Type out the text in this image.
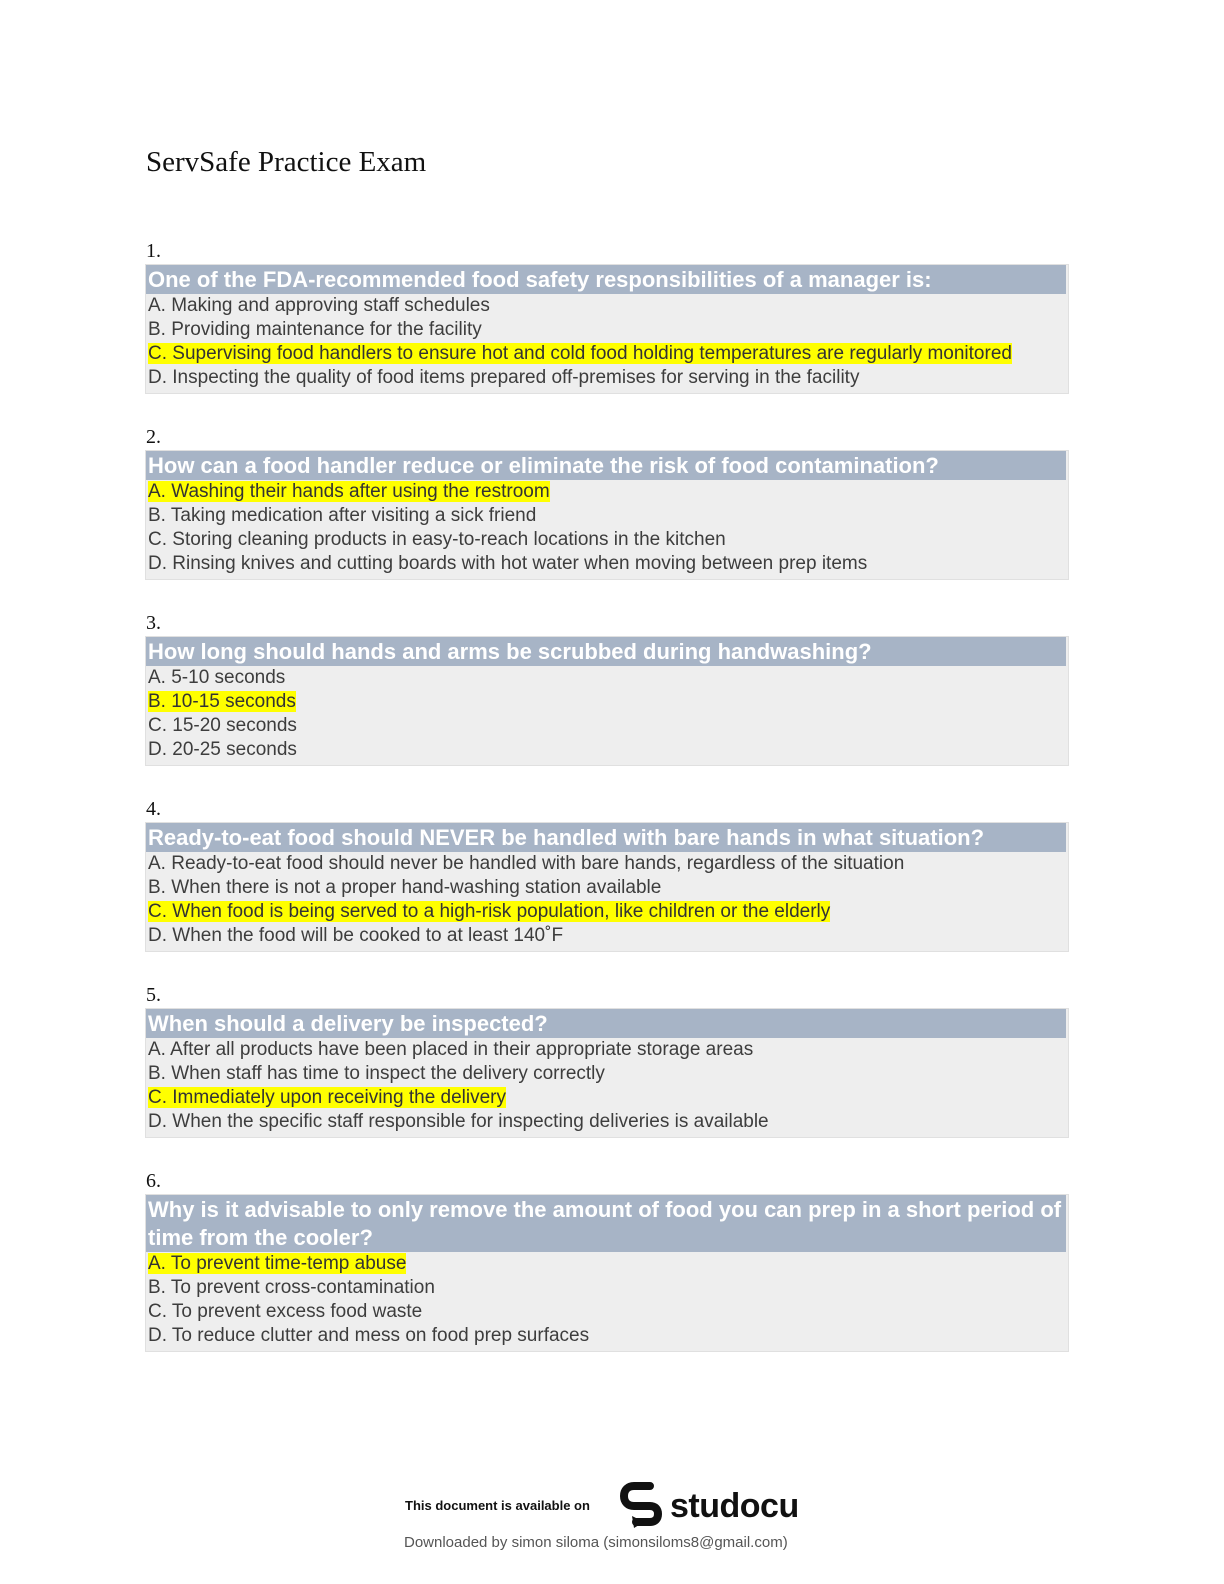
ServSafe Practice Exam
1.
One of the FDA-recommended food safety responsibilities of a manager is:
A. Making and approving staff schedules
B. Providing maintenance for the facility
C. Supervising food handlers to ensure hot and cold food holding temperatures are regularly monitored
D. Inspecting the quality of food items prepared off-premises for serving in the facility
2.
How can a food handler reduce or eliminate the risk of food contamination?
A. Washing their hands after using the restroom
B. Taking medication after visiting a sick friend
C. Storing cleaning products in easy-to-reach locations in the kitchen
D. Rinsing knives and cutting boards with hot water when moving between prep items
3.
How long should hands and arms be scrubbed during handwashing?
A. 5-10 seconds
B. 10-15 seconds
C. 15-20 seconds
D. 20-25 seconds
4.
Ready-to-eat food should NEVER be handled with bare hands in what situation?
A. Ready-to-eat food should never be handled with bare hands, regardless of the situation
B. When there is not a proper hand-washing station available
C. When food is being served to a high-risk population, like children or the elderly
D. When the food will be cooked to at least 140˚F
5.
When should a delivery be inspected?
A. After all products have been placed in their appropriate storage areas
B. When staff has time to inspect the delivery correctly
C. Immediately upon receiving the delivery
D. When the specific staff responsible for inspecting deliveries is available
6.
Why is it advisable to only remove the amount of food you can prep in a short period of time from the cooler?
A. To prevent time-temp abuse
B. To prevent cross-contamination
C. To prevent excess food waste
D. To reduce clutter and mess on food prep surfaces
This document is available on studocu
Downloaded by simon siloma (simonsiloms8@gmail.com)
